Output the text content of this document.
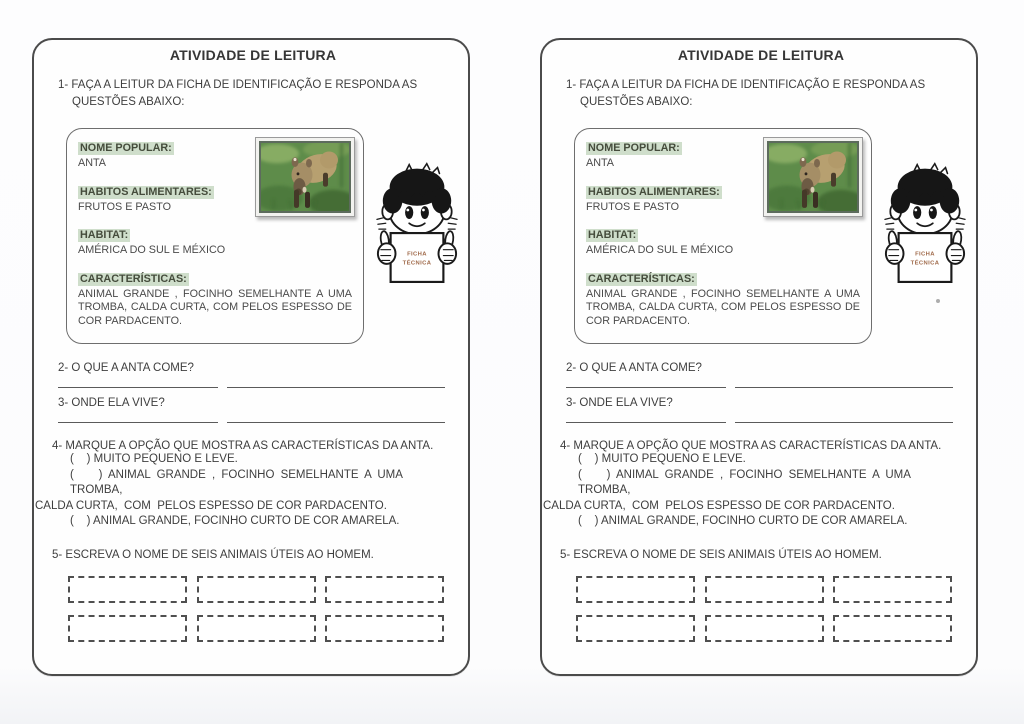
ATIVIDADE DE LEITURA
1- FAÇA A LEITUR DA FICHA DE IDENTIFICAÇÃO E RESPONDA AS
QUESTÕES ABAIXO:
NOME POPULAR:
ANTA
HABITOS ALIMENTARES:
FRUTOS E PASTO
HABITAT:
AMÉRICA DO SUL E MÉXICO
CARACTERÍSTICAS:
ANIMAL GRANDE , FOCINHO SEMELHANTE A UMA TROMBA, CALDA CURTA, COM PELOS ESPESSO DE COR PARDACENTO.
FICHA
TÉCNICA
2- O QUE A ANTA COME?
3- ONDE ELA VIVE?
4- MARQUE A OPÇÃO QUE MOSTRA AS CARACTERÍSTICAS DA ANTA.
(    ) MUITO PEQUENO E LEVE.
(    ) ANIMAL GRANDE , FOCINHO SEMELHANTE A UMA TROMBA,
CALDA CURTA,  COM  PELOS ESPESSO DE COR PARDACENTO.
(    ) ANIMAL GRANDE, FOCINHO CURTO DE COR AMARELA.
5- ESCREVA O NOME DE SEIS ANIMAIS ÚTEIS AO HOMEM.
ATIVIDADE DE LEITURA
1- FAÇA A LEITUR DA FICHA DE IDENTIFICAÇÃO E RESPONDA AS
QUESTÕES ABAIXO:
NOME POPULAR:
ANTA
HABITOS ALIMENTARES:
FRUTOS E PASTO
HABITAT:
AMÉRICA DO SUL E MÉXICO
CARACTERÍSTICAS:
ANIMAL GRANDE , FOCINHO SEMELHANTE A UMA TROMBA, CALDA CURTA, COM PELOS ESPESSO DE COR PARDACENTO.
FICHA
TÉCNICA
2- O QUE A ANTA COME?
3- ONDE ELA VIVE?
4- MARQUE A OPÇÃO QUE MOSTRA AS CARACTERÍSTICAS DA ANTA.
(    ) MUITO PEQUENO E LEVE.
(    ) ANIMAL GRANDE , FOCINHO SEMELHANTE A UMA TROMBA,
CALDA CURTA,  COM  PELOS ESPESSO DE COR PARDACENTO.
(    ) ANIMAL GRANDE, FOCINHO CURTO DE COR AMARELA.
5- ESCREVA O NOME DE SEIS ANIMAIS ÚTEIS AO HOMEM.
